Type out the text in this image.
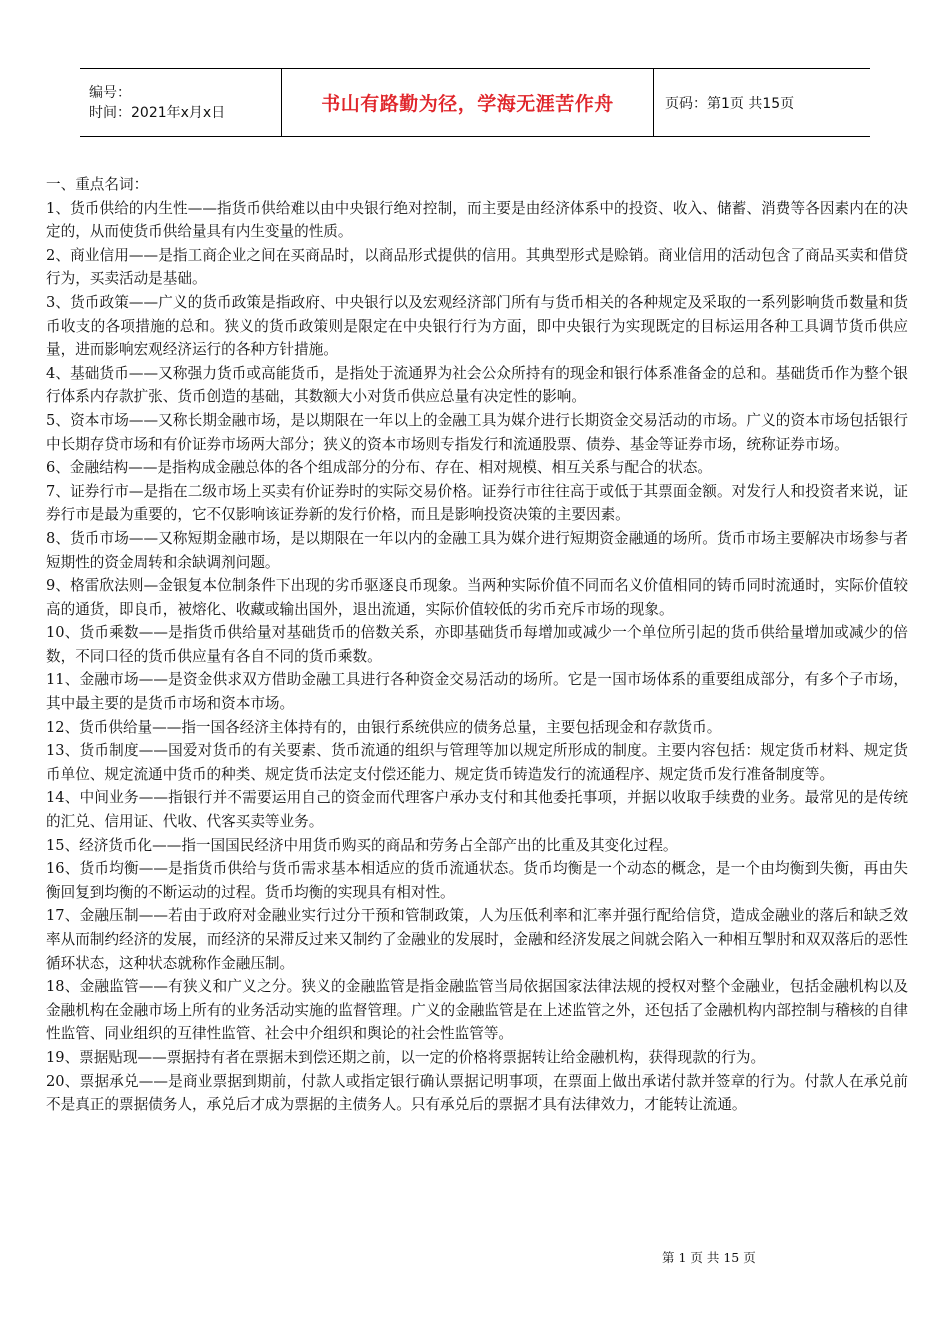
编号：
时间：2021年x月x日	书山有路勤为径，学海无涯苦作舟	页码：第1页 共15页

一、重点名词：

1、货币供给的内生性——指货币供给难以由中央银行绝对控制，而主要是由经济体系中的投资、收入、储蓄、消费等各因素内在的决定的，从而使货币供给量具有内生变量的性质。

2、商业信用——是指工商企业之间在买商品时，以商品形式提供的信用。其典型形式是赊销。商业信用的活动包含了商品买卖和借贷行为，买卖活动是基础。

3、货币政策——广义的货币政策是指政府、中央银行以及宏观经济部门所有与货币相关的各种规定及采取的一系列影响货币数量和货币收支的各项措施的总和。狭义的货币政策则是限定在中央银行行为方面，即中央银行为实现既定的目标运用各种工具调节货币供应量，进而影响宏观经济运行的各种方针措施。

4、基础货币——又称强力货币或高能货币，是指处于流通界为社会公众所持有的现金和银行体系准备金的总和。基础货币作为整个银行体系内存款扩张、货币创造的基础，其数额大小对货币供应总量有决定性的影响。

5、资本市场——又称长期金融市场，是以期限在一年以上的金融工具为媒介进行长期资金交易活动的市场。广义的资本市场包括银行中长期存贷市场和有价证券市场两大部分；狭义的资本市场则专指发行和流通股票、债券、基金等证券市场，统称证券市场。

6、金融结构——是指构成金融总体的各个组成部分的分布、存在、相对规模、相互关系与配合的状态。

7、证券行市—是指在二级市场上买卖有价证券时的实际交易价格。证券行市往往高于或低于其票面金额。对发行人和投资者来说，证券行市是最为重要的，它不仅影响该证券新的发行价格，而且是影响投资决策的主要因素。

8、货币市场——又称短期金融市场，是以期限在一年以内的金融工具为媒介进行短期资金融通的场所。货币市场主要解决市场参与者短期性的资金周转和余缺调剂问题。

9、格雷欣法则—金银复本位制条件下出现的劣币驱逐良币现象。当两种实际价值不同而名义价值相同的铸币同时流通时，实际价值较高的通货，即良币，被熔化、收藏或输出国外，退出流通，实际价值较低的劣币充斥市场的现象。

10、货币乘数——是指货币供给量对基础货币的倍数关系，亦即基础货币每增加或减少一个单位所引起的货币供给量增加或减少的倍数，不同口径的货币供应量有各自不同的货币乘数。

11、金融市场——是资金供求双方借助金融工具进行各种资金交易活动的场所。它是一国市场体系的重要组成部分，有多个子市场，其中最主要的是货币市场和资本市场。

12、货币供给量——指一国各经济主体持有的，由银行系统供应的债务总量，主要包括现金和存款货币。

13、货币制度——国爱对货币的有关要素、货币流通的组织与管理等加以规定所形成的制度。主要内容包括：规定货币材料、规定货币单位、规定流通中货币的种类、规定货币法定支付偿还能力、规定货币铸造发行的流通程序、规定货币发行准备制度等。

14、中间业务——指银行并不需要运用自己的资金而代理客户承办支付和其他委托事项，并据以收取手续费的业务。最常见的是传统的汇兑、信用证、代收、代客买卖等业务。

15、经济货币化——指一国国民经济中用货币购买的商品和劳务占全部产出的比重及其变化过程。

16、货币均衡——是指货币供给与货币需求基本相适应的货币流通状态。货币均衡是一个动态的概念，是一个由均衡到失衡，再由失衡回复到均衡的不断运动的过程。货币均衡的实现具有相对性。

17、金融压制——若由于政府对金融业实行过分干预和管制政策，人为压低利率和汇率并强行配给信贷，造成金融业的落后和缺乏效率从而制约经济的发展，而经济的呆滞反过来又制约了金融业的发展时，金融和经济发展之间就会陷入一种相互掣肘和双双落后的恶性循环状态，这种状态就称作金融压制。

18、金融监管——有狭义和广义之分。狭义的金融监管是指金融监管当局依据国家法律法规的授权对整个金融业，包括金融机构以及金融机构在金融市场上所有的业务活动实施的监督管理。广义的金融监管是在上述监管之外，还包括了金融机构内部控制与稽核的自律性监管、同业组织的互律性监管、社会中介组织和舆论的社会性监管等。

19、票据贴现——票据持有者在票据未到偿还期之前，以一定的价格将票据转让给金融机构，获得现款的行为。

20、票据承兑——是商业票据到期前，付款人或指定银行确认票据记明事项，在票面上做出承诺付款并签章的行为。付款人在承兑前不是真正的票据债务人，承兑后才成为票据的主债务人。只有承兑后的票据才具有法律效力，才能转让流通。

第 1 页 共 15 页
